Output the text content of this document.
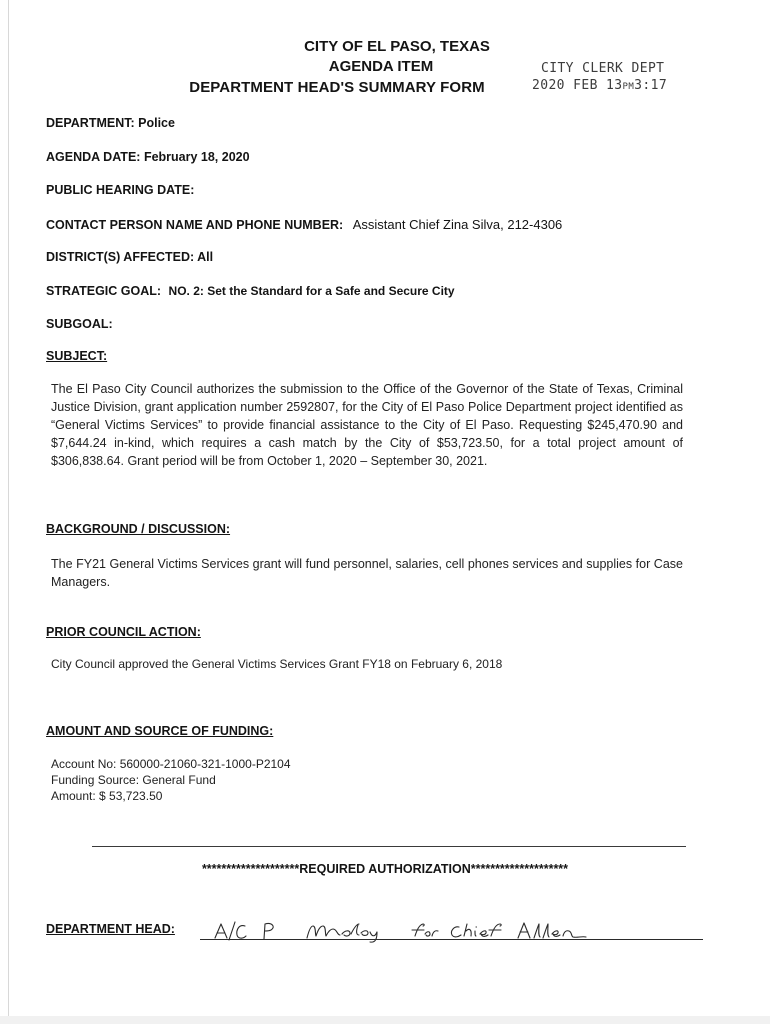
CITY OF EL PASO, TEXAS
AGENDA ITEM
DEPARTMENT HEAD'S SUMMARY FORM
CITY CLERK DEPT
2020 FEB 13PM3:17
DEPARTMENT: Police
AGENDA DATE: February 18, 2020
PUBLIC HEARING DATE:
CONTACT PERSON NAME AND PHONE NUMBER: Assistant Chief Zina Silva, 212-4306
DISTRICT(S) AFFECTED: All
STRATEGIC GOAL: NO. 2: Set the Standard for a Safe and Secure City
SUBGOAL:
SUBJECT:
The El Paso City Council authorizes the submission to the Office of the Governor of the State of Texas, Criminal Justice Division, grant application number 2592807, for the City of El Paso Police Department project identified as “General Victims Services” to provide financial assistance to the City of El Paso. Requesting $245,470.90 and $7,644.24 in-kind, which requires a cash match by the City of $53,723.50, for a total project amount of $306,838.64. Grant period will be from October 1, 2020 – September 30, 2021.
BACKGROUND / DISCUSSION:
The FY21 General Victims Services grant will fund personnel, salaries, cell phones services and supplies for Case Managers.
PRIOR COUNCIL ACTION:
City Council approved the General Victims Services Grant FY18 on February 6, 2018
AMOUNT AND SOURCE OF FUNDING:
Account No: 560000-21060-321-1000-P2104
Funding Source: General Fund
Amount: $ 53,723.50
********************REQUIRED AUTHORIZATION********************
DEPARTMENT HEAD:
